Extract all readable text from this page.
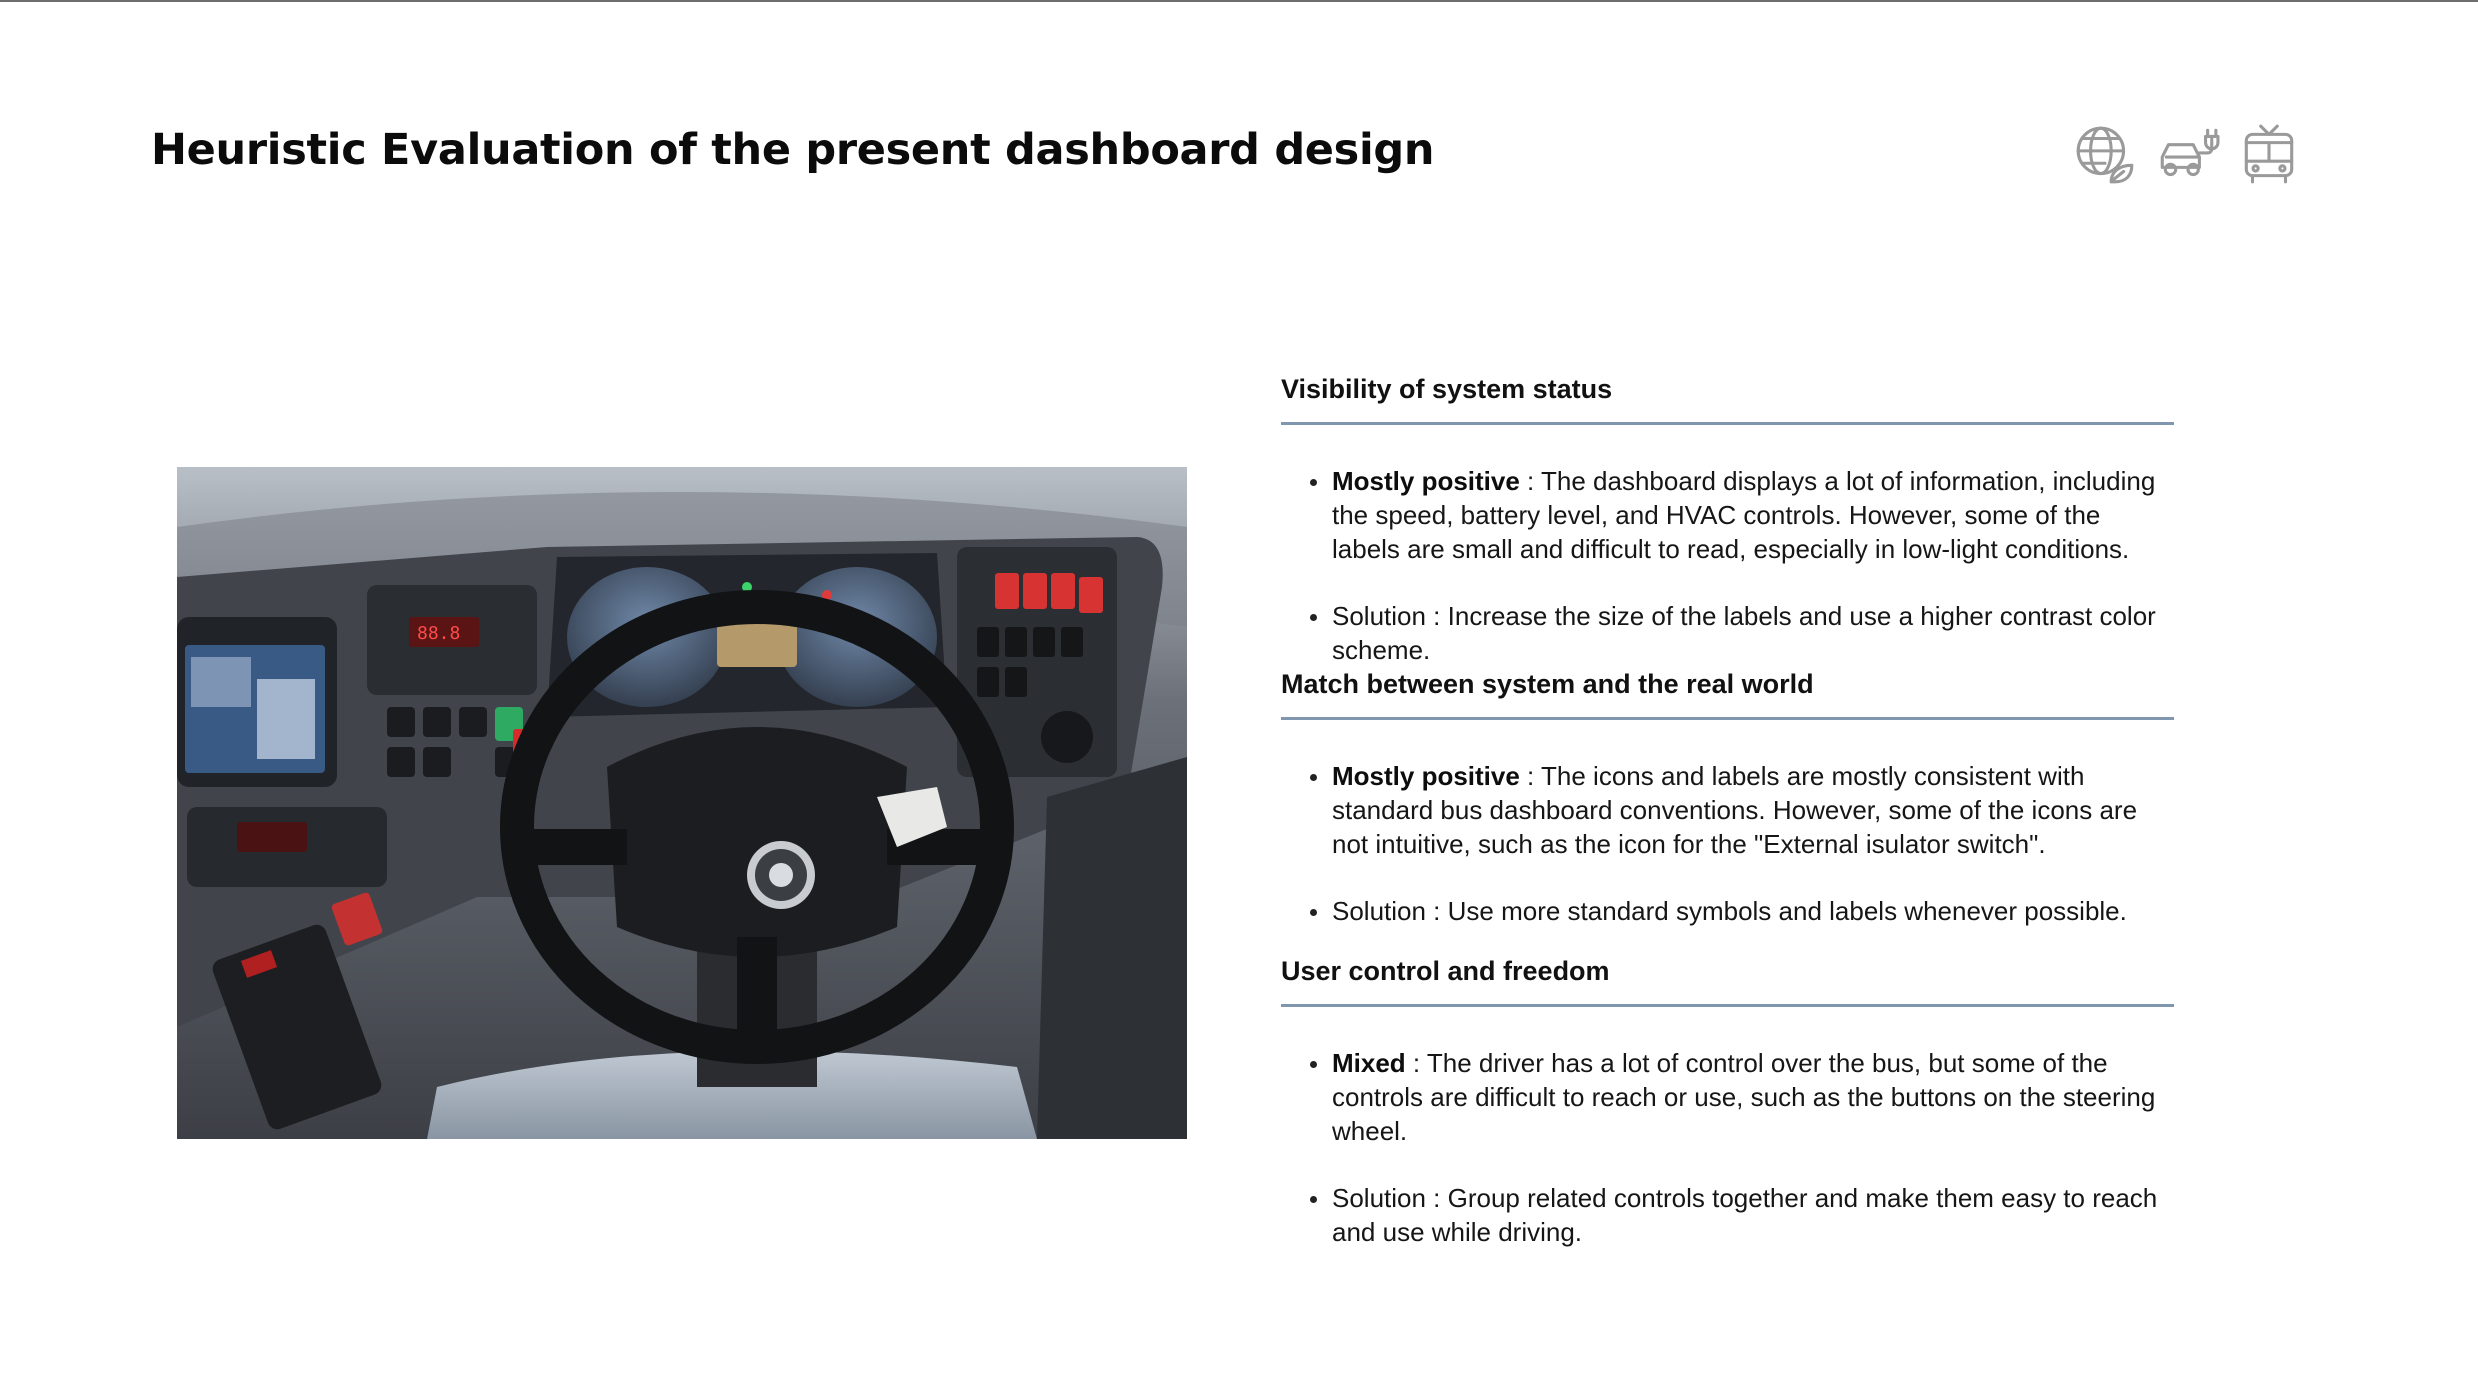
Heuristic Evaluation of the present dashboard design
88.8
Visibility of system status
Mostly positive : The dashboard displays a lot of information, including the speed, battery level, and HVAC controls. However, some of the labels are small and difficult to read, especially in low-light conditions.
Solution : Increase the size of the labels and use a higher contrast color scheme.
Match between system and the real world
Mostly positive : The icons and labels are mostly consistent with standard bus dashboard conventions. However, some of the icons are not intuitive, such as the icon for the "External isulator switch".
Solution : Use more standard symbols and labels whenever possible.
User control and freedom
Mixed : The driver has a lot of control over the bus, but some of the controls are difficult to reach or use, such as the buttons on the steering wheel.
Solution : Group related controls together and make them easy to reach and use while driving.
